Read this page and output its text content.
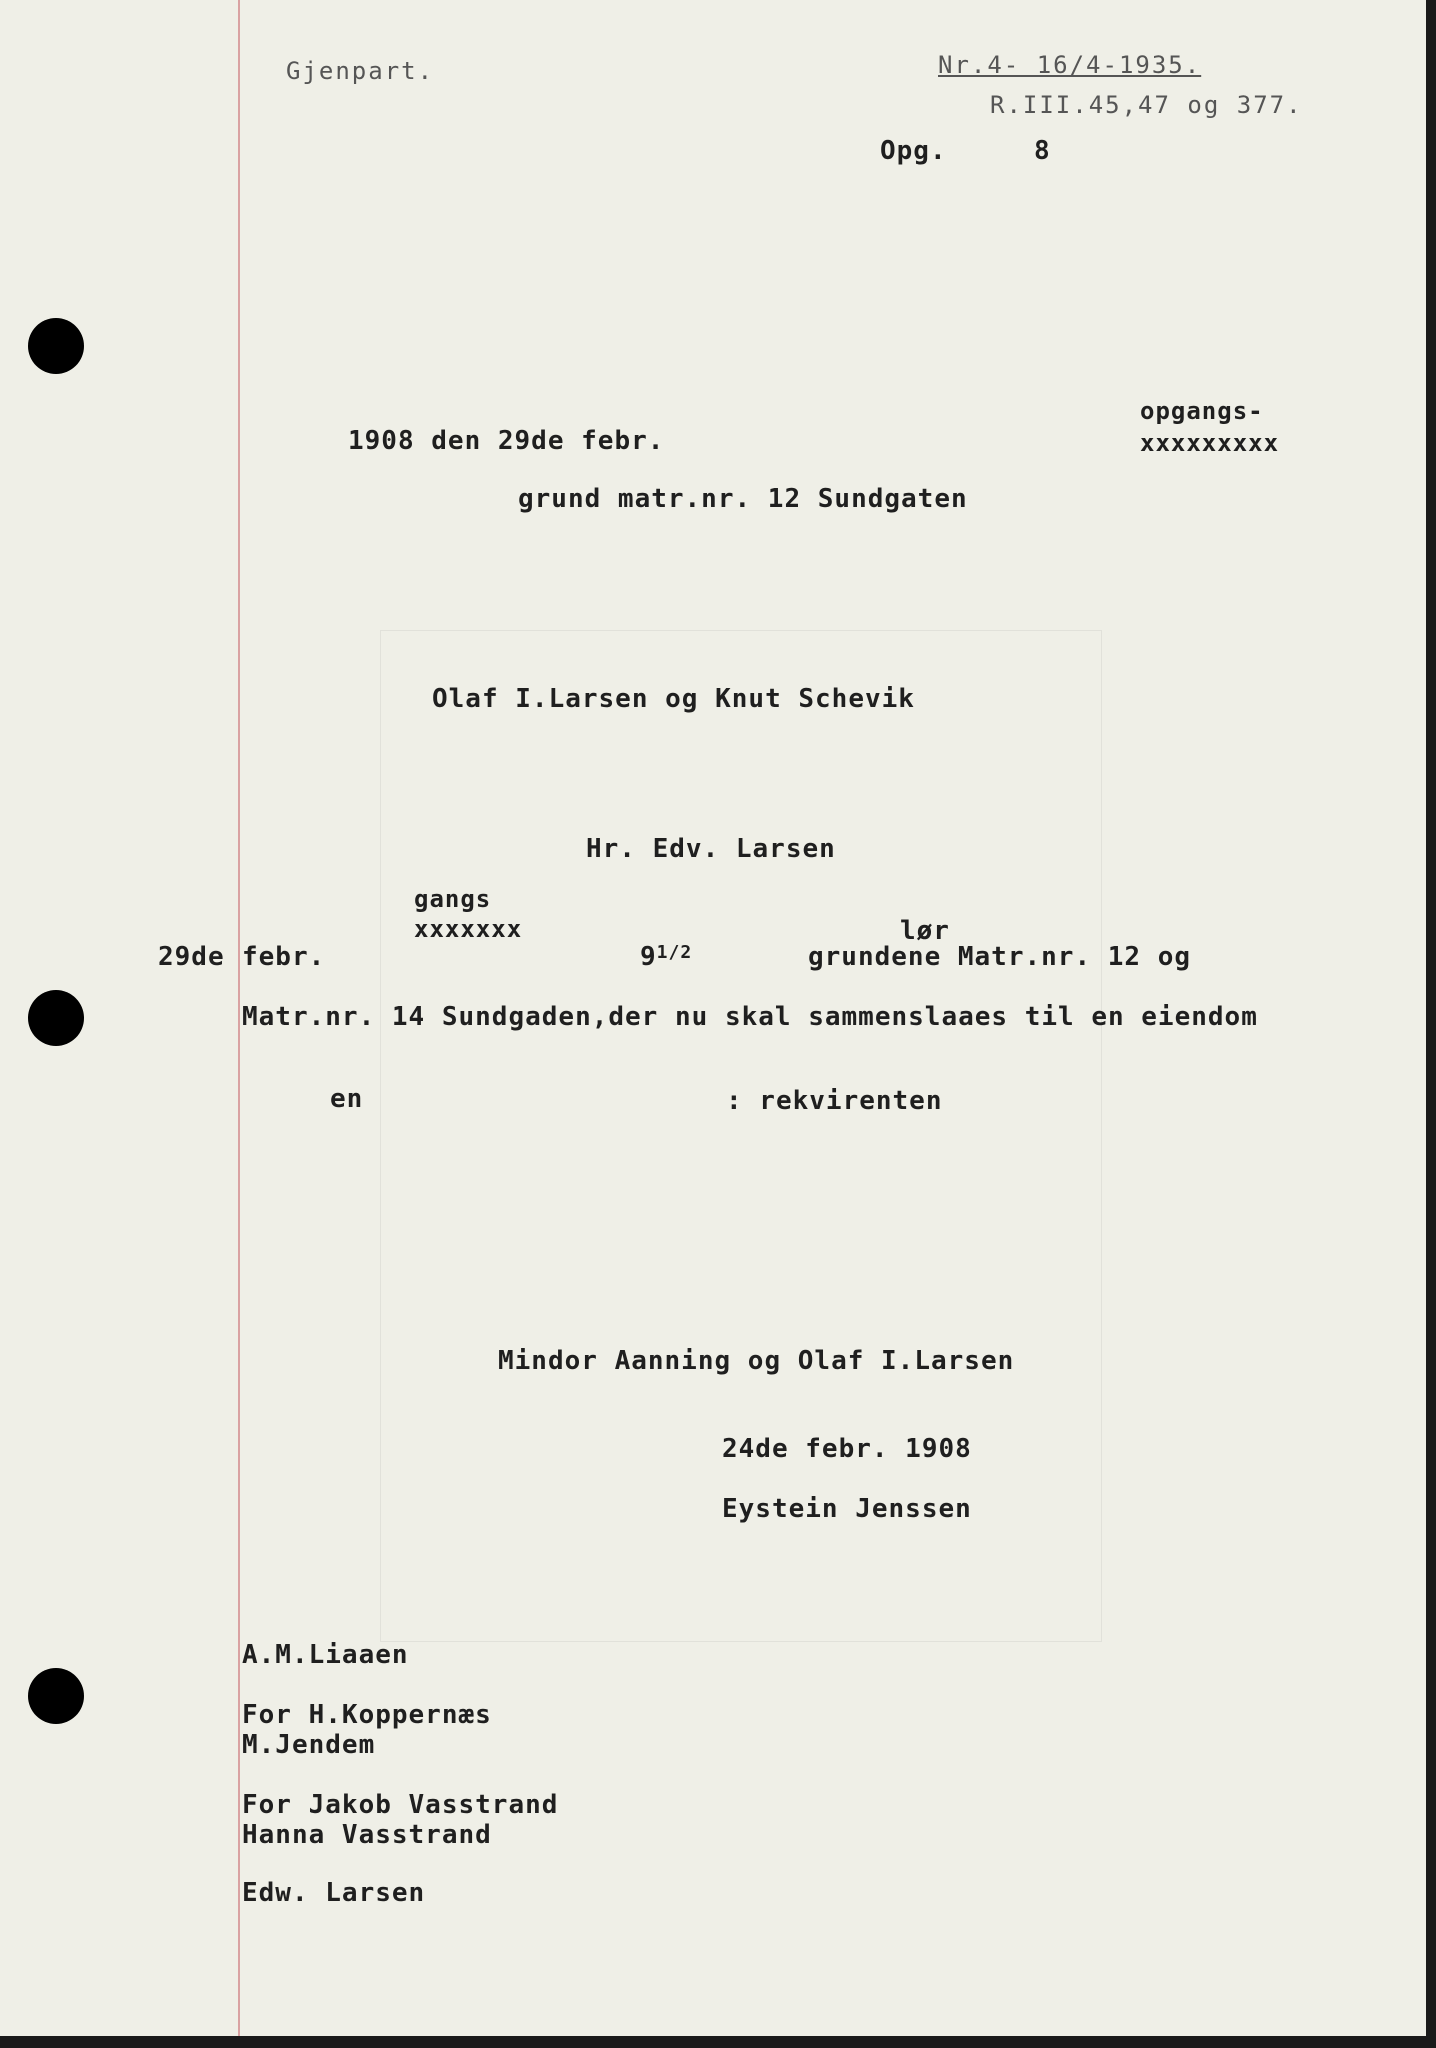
Gjenpart.	Nr.4- 16/4-1935.
R.III.45,47 og 377.
Opg.	8
opgangs-
xxxxxxxxx
1908 den 29de febr.
grund matr.nr. 12 Sundgaten
Olaf I.Larsen og Knut Schevik
Hr. Edv. Larsen
gangs
xxxxxxx	lør
29de febr.	$9^{1/2}$	grundene Matr.nr. 12 og
Matr.nr. 14 Sundgaden,der nu skal sammenslaaes til en eiendom
en	: rekvirenten
Mindor Aanning og Olaf I.Larsen
24de febr. 1908
Eystein Jenssen
A.M.Liaaen
For H.Koppernæs
M.Jendem
For Jakob Vasstrand
Hanna Vasstrand
Edw. Larsen
